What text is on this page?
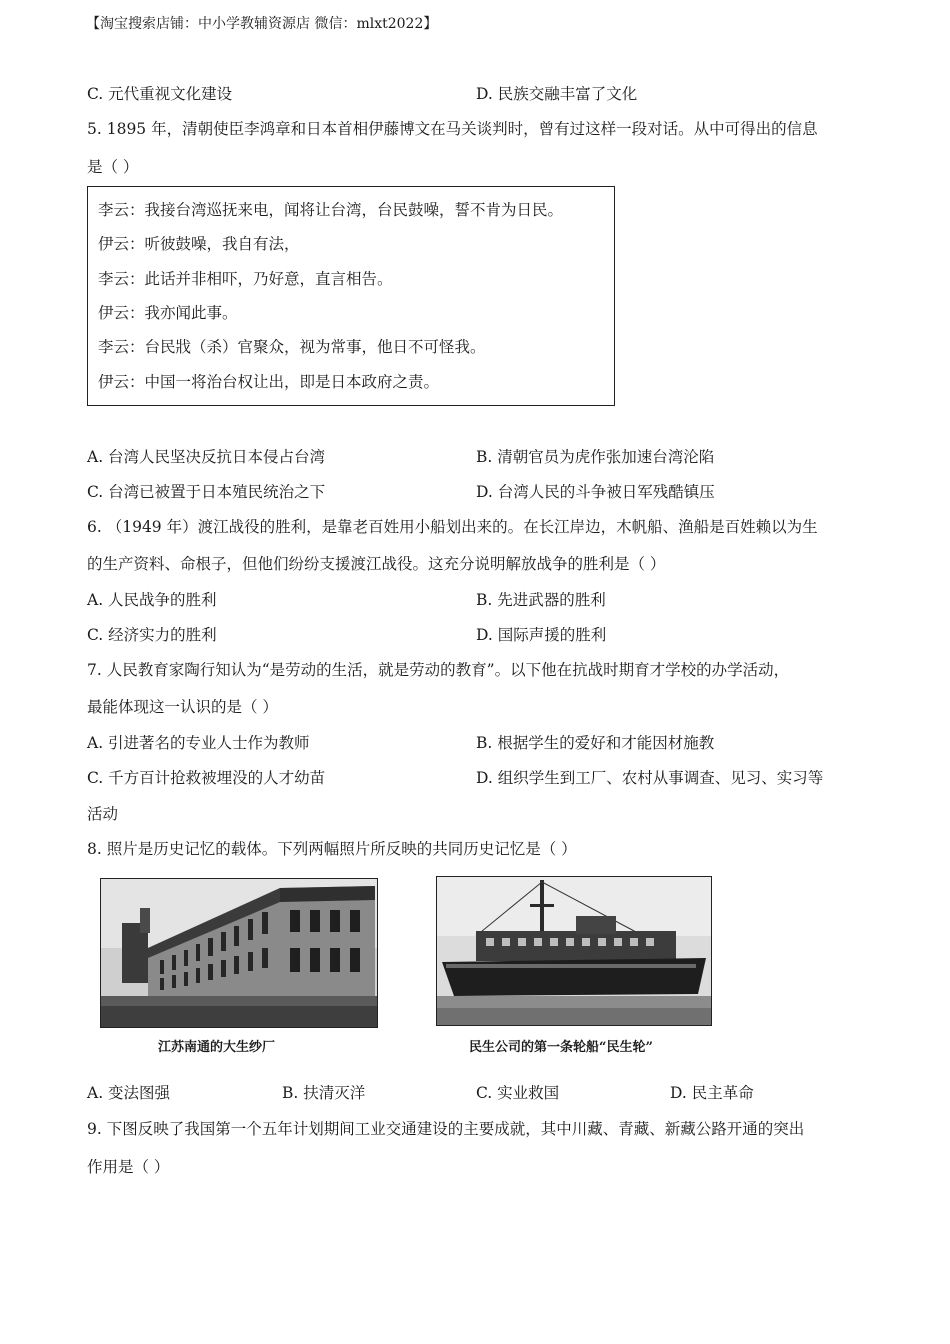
【淘宝搜索店铺：中小学教辅资源店 微信：mlxt2022】
C. 元代重视文化建设	D. 民族交融丰富了文化
5. 1895 年，清朝使臣李鸿章和日本首相伊藤博文在马关谈判时，曾有过这样一段对话。从中可得出的信息
是（ ）
李云：我接台湾巡抚来电，闻将让台湾，台民鼓噪，誓不肯为日民。
伊云：听彼鼓噪，我自有法，
李云：此话并非相吓，乃好意，直言相告。
伊云：我亦闻此事。
李云：台民戕（杀）官聚众，视为常事，他日不可怪我。
伊云：中国一将治台权让出，即是日本政府之责。
A. 台湾人民坚决反抗日本侵占台湾	B. 清朝官员为虎作张加速台湾沦陷
C. 台湾已被置于日本殖民统治之下	D. 台湾人民的斗争被日军残酷镇压
6. （1949 年）渡江战役的胜利，是靠老百姓用小船划出来的。在长江岸边，木帆船、渔船是百姓赖以为生
的生产资料、命根子，但他们纷纷支援渡江战役。这充分说明解放战争的胜利是（ ）
A. 人民战争的胜利	B. 先进武器的胜利
C. 经济实力的胜利	D. 国际声援的胜利
7. 人民教育家陶行知认为“是劳动的生活，就是劳动的教育”。以下他在抗战时期育才学校的办学活动，
最能体现这一认识的是（ ）
A. 引进著名的专业人士作为教师	B. 根据学生的爱好和才能因材施教
C. 千方百计抢救被埋没的人才幼苗	D. 组织学生到工厂、农村从事调查、见习、实习等
活动
8. 照片是历史记忆的载体。下列两幅照片所反映的共同历史记忆是（ ）
江苏南通的大生纱厂	民生公司的第一条轮船“民生轮”
A. 变法图强	B. 扶清灭洋	C. 实业救国	D. 民主革命
9. 下图反映了我国第一个五年计划期间工业交通建设的主要成就，其中川藏、青藏、新藏公路开通的突出
作用是（ ）
